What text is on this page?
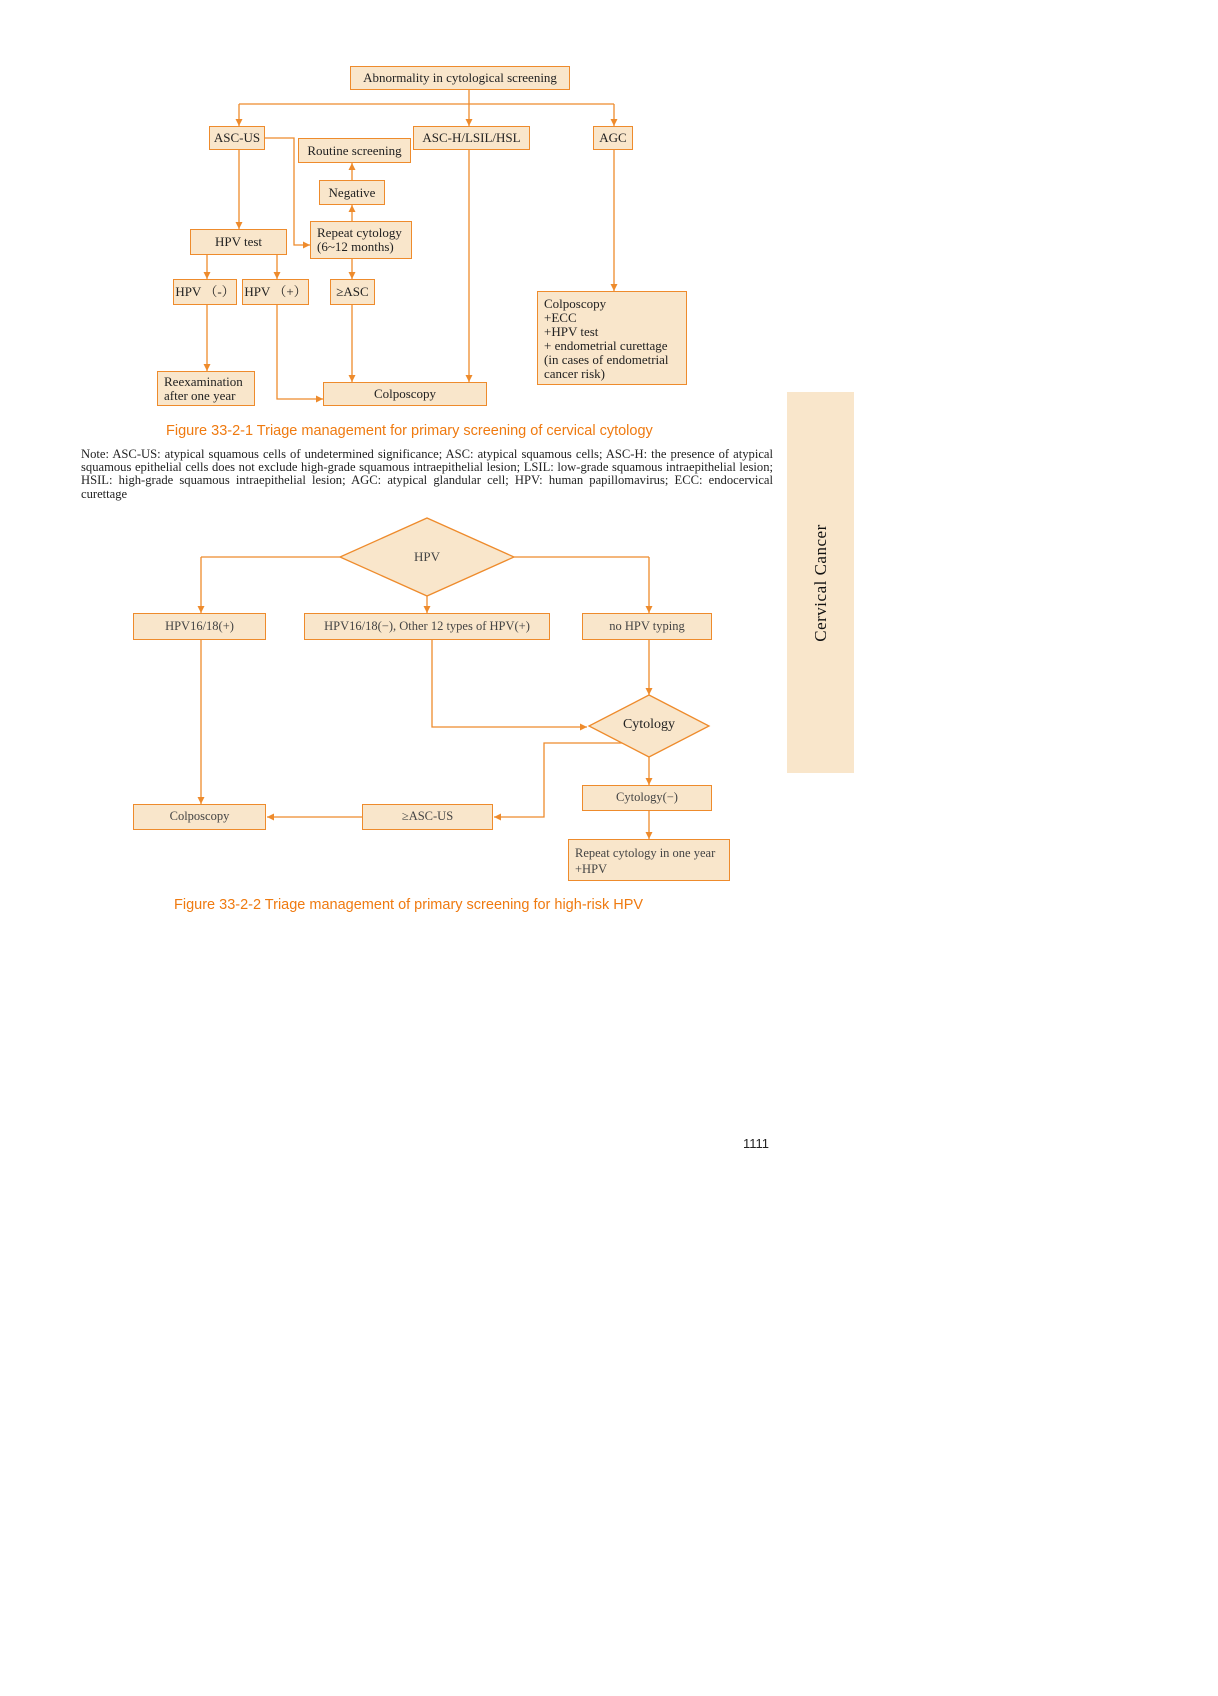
Abnormality in cytological screening
ASC-US	ASC-H/LSIL/HSL	AGC
Routine screening
Negative
HPV test
Repeat cytology
(6~12 months)
HPV （-） HPV （+） ≥ASC
Colposcopy
+ECC
+HPV test
+ endometrial curettage
(in cases of endometrial
cancer risk)
Reexamination
after one year	Colposcopy
Figure 33-2-1 Triage management for primary screening of cervical cytology
Note: ASC-US: atypical squamous cells of undetermined significance; ASC: atypical squamous cells; ASC-H: the presence of atypical squamous epithelial cells does not exclude high-grade squamous intraepithelial lesion; LSIL: low-grade squamous intraepithelial lesion; HSIL: high-grade squamous intraepithelial lesion; AGC: atypical glandular cell; HPV: human papillomavirus; ECC: endocervical curettage
HPV
HPV16/18(+)	HPV16/18(−), Other 12 types of HPV(+)	no HPV typing
Cytology
Cytology(−)
Colposcopy	≥ASC-US
Repeat cytology in one year
+HPV
Figure 33-2-2 Triage management of primary screening for high-risk HPV
Cervical Cancer
1111
